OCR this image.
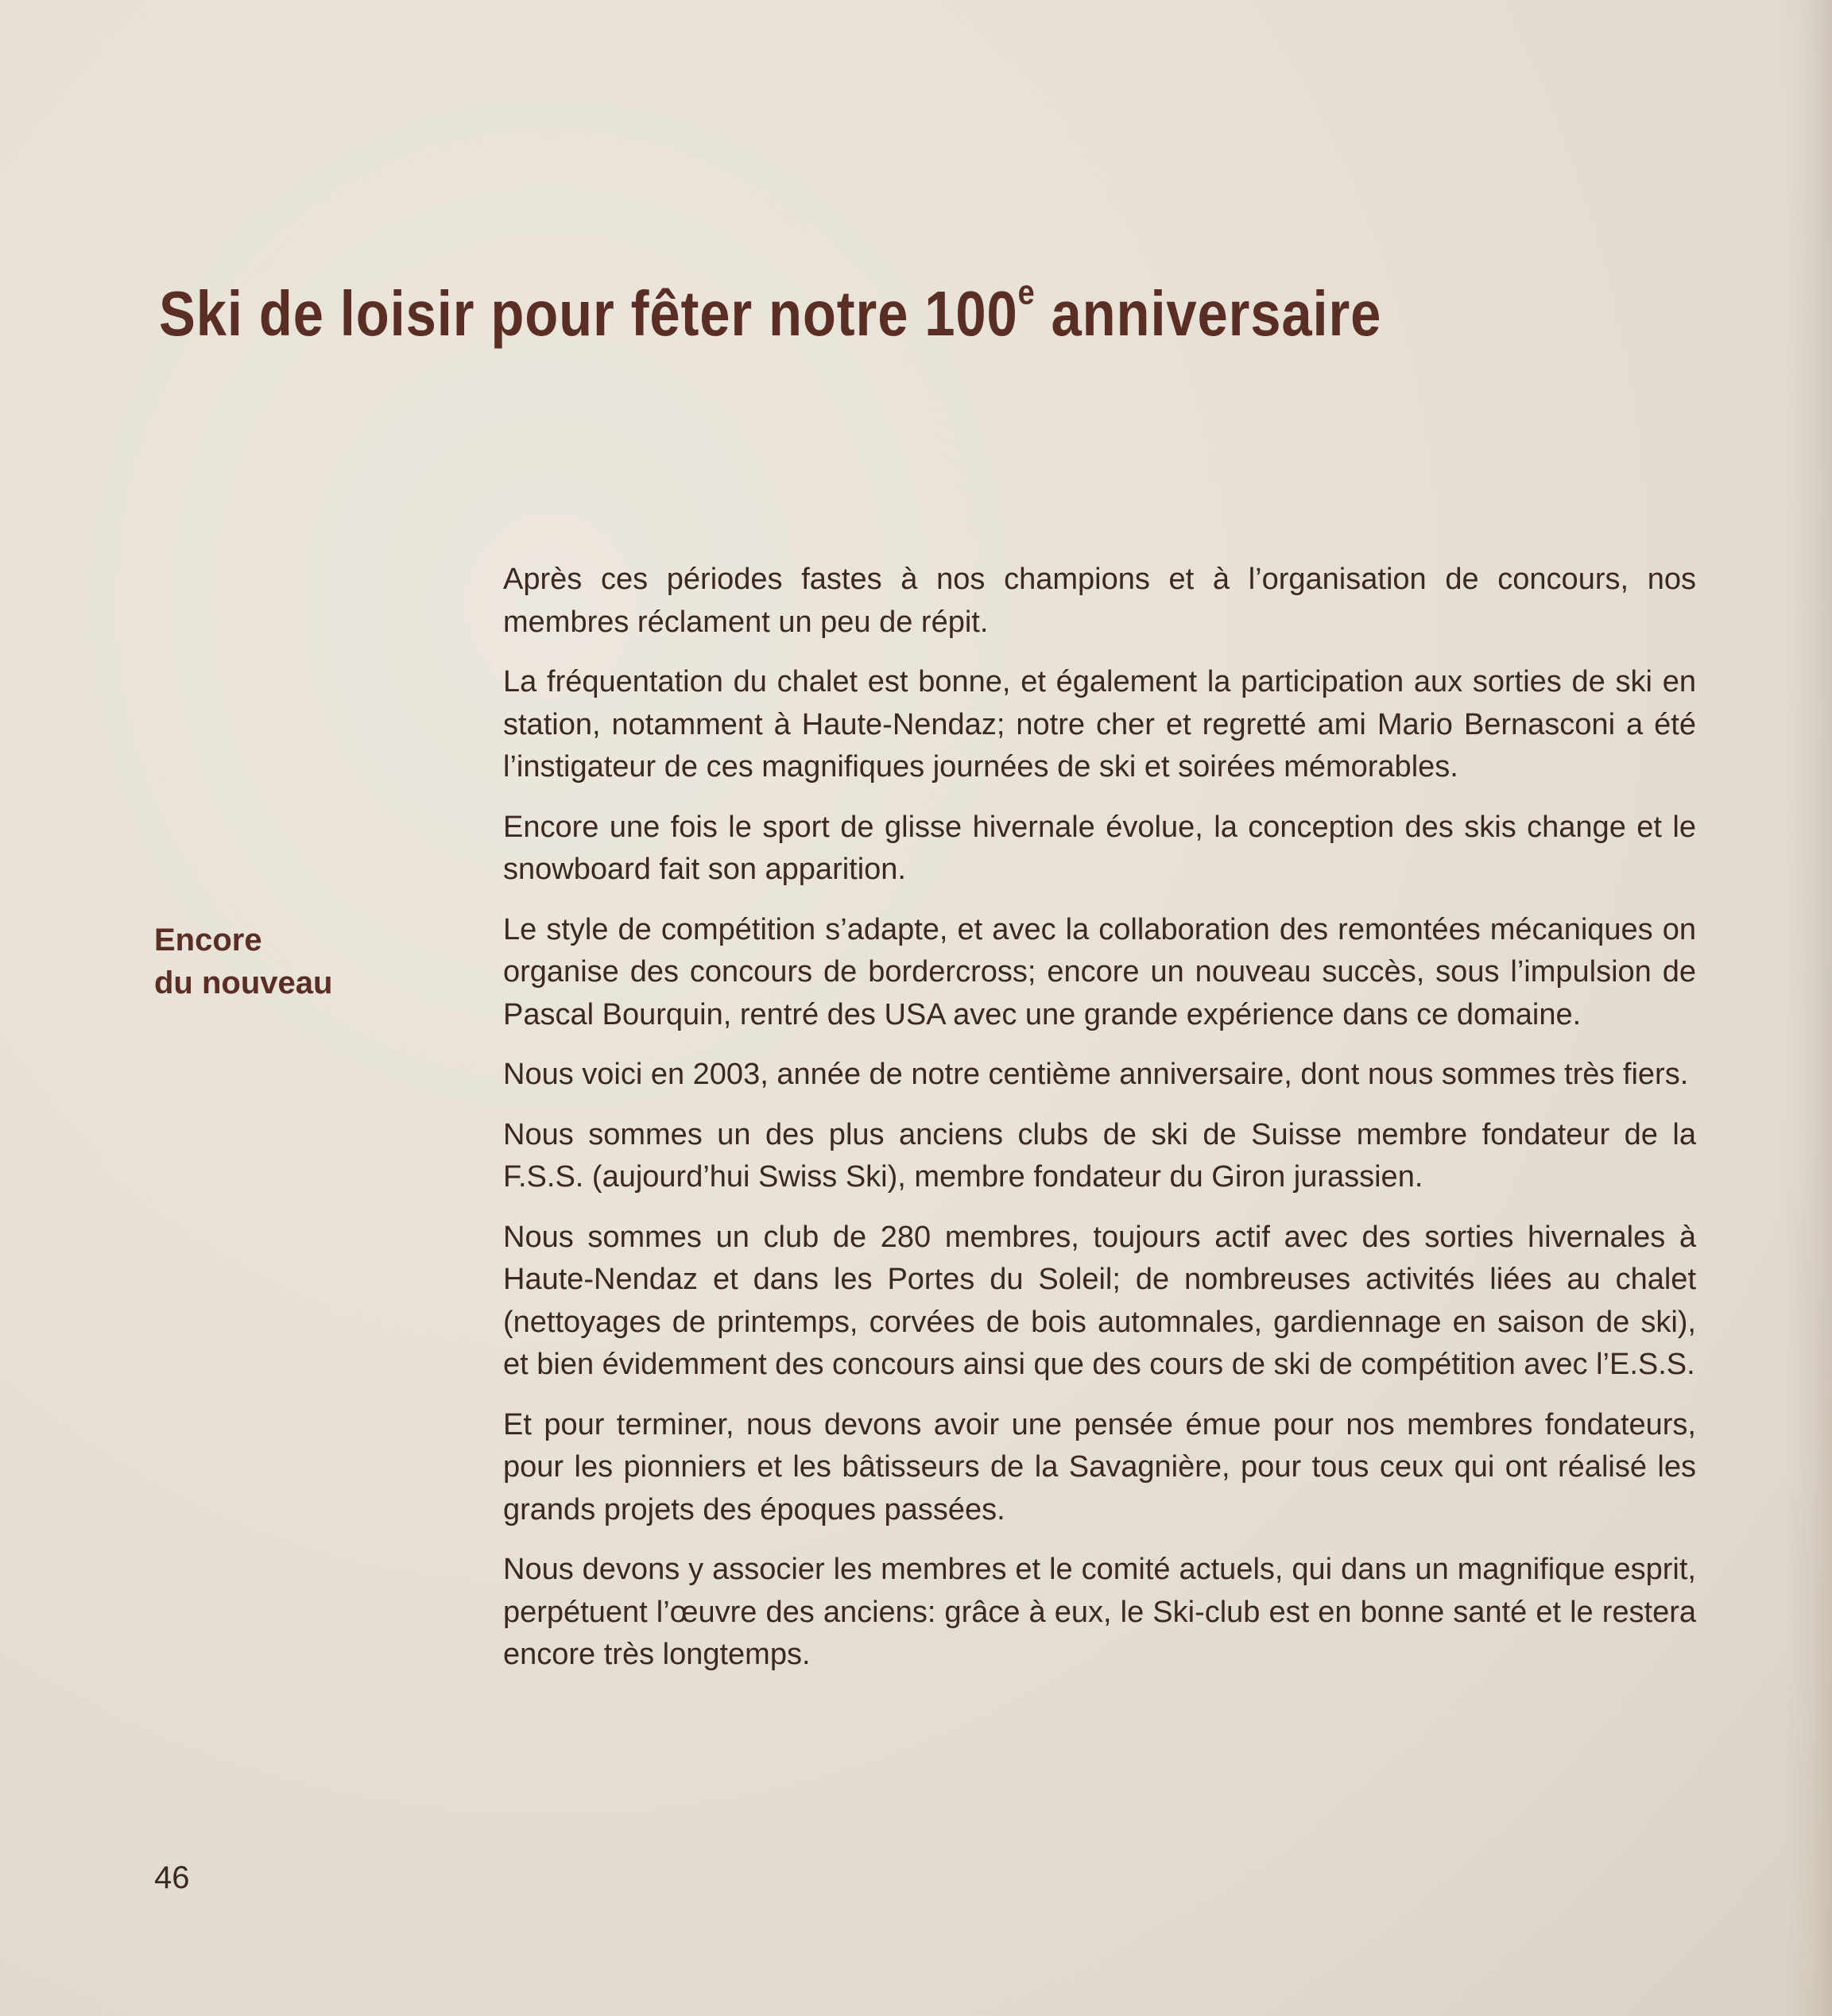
Ski de loisir pour fêter notre 100e anniversaire
Encore
du nouveau

Après ces périodes fastes à nos champions et à l’organisation de concours, nos membres réclament un peu de répit.

La fréquentation du chalet est bonne, et également la participation aux sorties de ski en station, notamment à Haute-Nendaz; notre cher et regretté ami Mario Bernasconi a été l’instigateur de ces magnifiques journées de ski et soirées mémorables.

Encore une fois le sport de glisse hivernale évolue, la conception des skis change et le snowboard fait son apparition.

Le style de compétition s’adapte, et avec la collaboration des remontées mécaniques on organise des concours de bordercross; encore un nouveau succès, sous l’impulsion de Pascal Bourquin, rentré des USA avec une grande expérience dans ce domaine.

Nous voici en 2003, année de notre centième anniversaire, dont nous sommes très fiers.

Nous sommes un des plus anciens clubs de ski de Suisse membre fondateur de la F.S.S. (aujourd’hui Swiss Ski), membre fondateur du Giron jurassien.

Nous sommes un club de 280 membres, toujours actif avec des sorties hivernales à Haute-Nendaz et dans les Portes du Soleil; de nombreuses activités liées au chalet (nettoyages de printemps, corvées de bois automnales, gardiennage en saison de ski), et bien évidemment des concours ainsi que des cours de ski de compétition avec l’E.S.S.

Et pour terminer, nous devons avoir une pensée émue pour nos membres fondateurs, pour les pionniers et les bâtisseurs de la Savagnière, pour tous ceux qui ont réalisé les grands projets des époques passées.

Nous devons y associer les membres et le comité actuels, qui dans un magnifique esprit, perpétuent l’œuvre des anciens: grâce à eux, le Ski-club est en bonne santé et le restera encore très longtemps.

46
